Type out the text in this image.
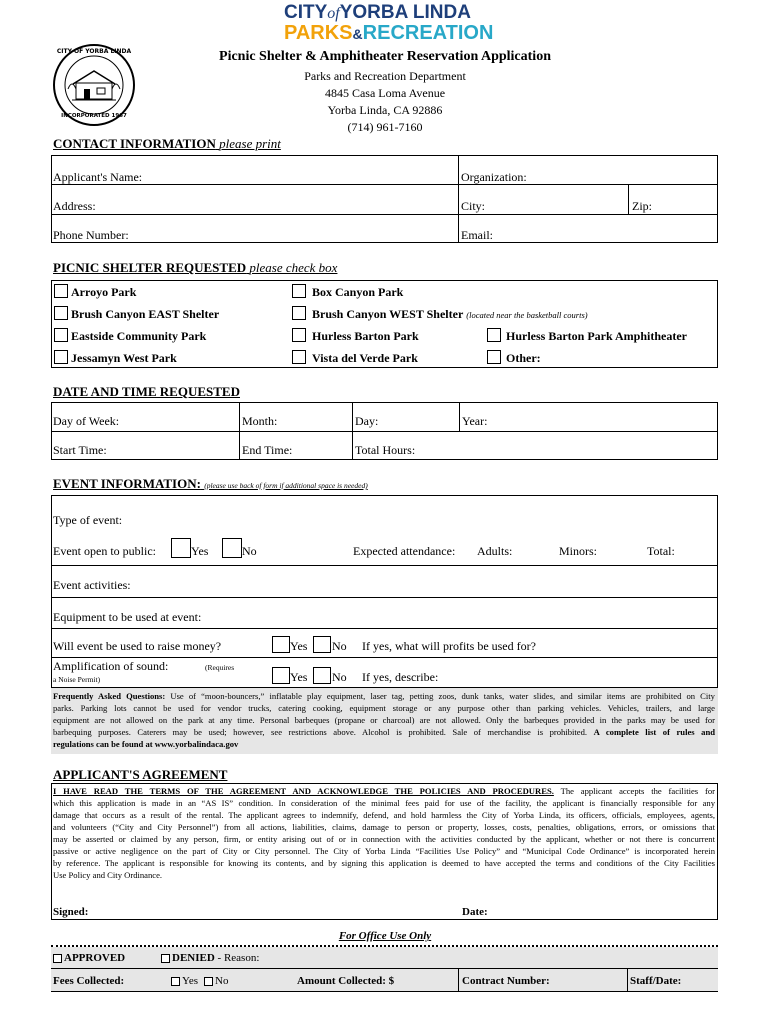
CITYofYORBA LINDA
PARKS&RECREATION
CITY OF YORBA LINDA
INCORPORATED 1967
Picnic Shelter & Amphitheater Reservation Application
Parks and Recreation Department
4845 Casa Loma Avenue
Yorba Linda, CA 92886
(714) 961-7160
CONTACT INFORMATION please print
Applicant's Name:	Organization:
Address:	City:	Zip:
Phone Number:	Email:
PICNIC SHELTER REQUESTED please check box
Arroyo Park	Box Canyon Park
Brush Canyon EAST Shelter	Brush Canyon WEST Shelter (located near the basketball courts)
Eastside Community Park	Hurless Barton Park	Hurless Barton Park Amphitheater
Jessamyn West Park	Vista del Verde Park	Other:
DATE AND TIME REQUESTED
Day of Week:	Month:	Day:	Year:
Start Time:	End Time:	Total Hours:
EVENT INFORMATION: (please use back of form if additional space is needed)
Type of event:
Event open to public:	Yes	No	Expected attendance: Adults:	Minors:	Total:
Event activities:
Equipment to be used at event:
Will event be used to raise money?	Yes No If yes, what will profits be used for?
Amplification of sound:	(Requires
a Noise Permit)	Yes No If yes, describe:
Frequently Asked Questions: Use of “moon-bouncers,” inflatable play equipment, laser tag, petting zoos, dunk tanks, water slides, and similar items are prohibited on City
parks. Parking lots cannot be used for vendor trucks, catering cooking, equipment storage or any purpose other than parking vehicles. Vehicles, trailers, and large
equipment are not allowed on the park at any time. Personal barbeques (propane or charcoal) are not allowed. Only the barbeques provided in the parks may be used for
barbequing purposes. Caterers may be used; however, see restrictions above. Alcohol is prohibited. Sale of merchandise is prohibited. A complete list of rules and
regulations can be found at www.yorbalindaca.gov
APPLICANT'S AGREEMENT
I HAVE READ THE TERMS OF THE AGREEMENT AND ACKNOWLEDGE THE POLICIES AND PROCEDURES. The applicant accepts the facilities for
which this application is made in an “AS IS” condition. In consideration of the minimal fees paid for use of the facility, the applicant is financially responsible for any
damage that occurs as a result of the rental. The applicant agrees to indemnify, defend, and hold harmless the City of Yorba Linda, its officers, officials, employees, agents,
and volunteers (“City and City Personnel”) from all actions, liabilities, claims, damage to person or property, losses, costs, penalties, obligations, errors, or omissions that
may be asserted or claimed by any person, firm, or entity arising out of or in connection with the activities conducted by the applicant, whether or not there is concurrent
passive or active negligence on the part of City or City personnel. The City of Yorba Linda “Facilities Use Policy” and “Municipal Code Ordinance” is incorporated herein
by reference. The applicant is responsible for knowing its contents, and by signing this application is deemed to have accepted the terms and conditions of the City Facilities
Use Policy and City Ordinance.
Signed:	Date:
For Office Use Only
APPROVED	DENIED - Reason:
Fees Collected:	Yes No	Amount Collected: $	Contract Number:	Staff/Date:
